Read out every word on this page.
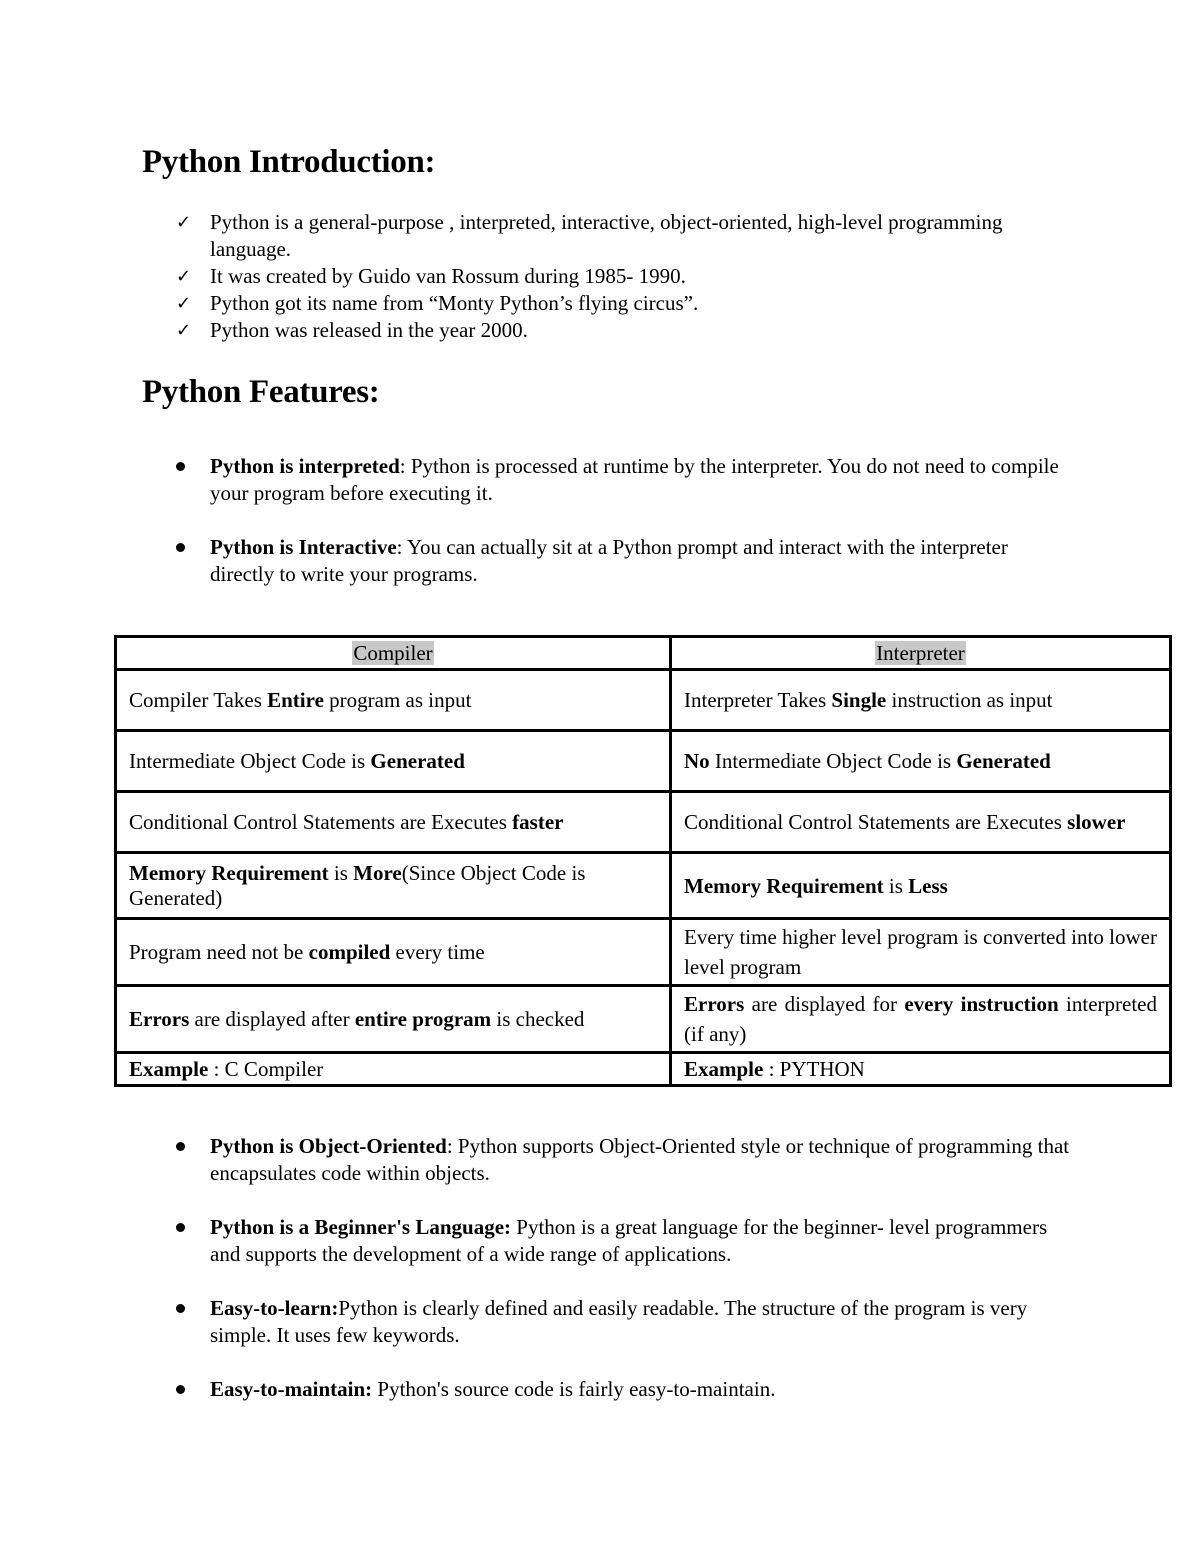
Python Introduction:
✓ Python is a general-purpose , interpreted, interactive, object-oriented, high-level programming language.
✓ It was created by Guido van Rossum during 1985- 1990.
✓ Python got its name from “Monty Python’s flying circus”.
✓ Python was released in the year 2000.
Python Features:
Python is interpreted: Python is processed at runtime by the interpreter. You do not need to compile your program before executing it.
Python is Interactive: You can actually sit at a Python prompt and interact with the interpreter directly to write your programs.
Compiler	Interpreter
Compiler Takes Entire program as input	Interpreter Takes Single instruction as input
Intermediate Object Code is Generated	No Intermediate Object Code is Generated
Conditional Control Statements are Executes faster	Conditional Control Statements are Executes slower
Memory Requirement is More(Since Object Code is Generated)	Memory Requirement is Less
Program need not be compiled every time	Every time higher level program is converted into lower level program
Errors are displayed after entire program is checked	Errors are displayed for every instruction interpreted (if any)
Example : C Compiler	Example : PYTHON
Python is Object-Oriented: Python supports Object-Oriented style or technique of programming that encapsulates code within objects.
Python is a Beginner's Language: Python is a great language for the beginner- level programmers and supports the development of a wide range of applications.
Easy-to-learn:Python is clearly defined and easily readable. The structure of the program is very simple. It uses few keywords.
Easy-to-maintain: Python's source code is fairly easy-to-maintain.
